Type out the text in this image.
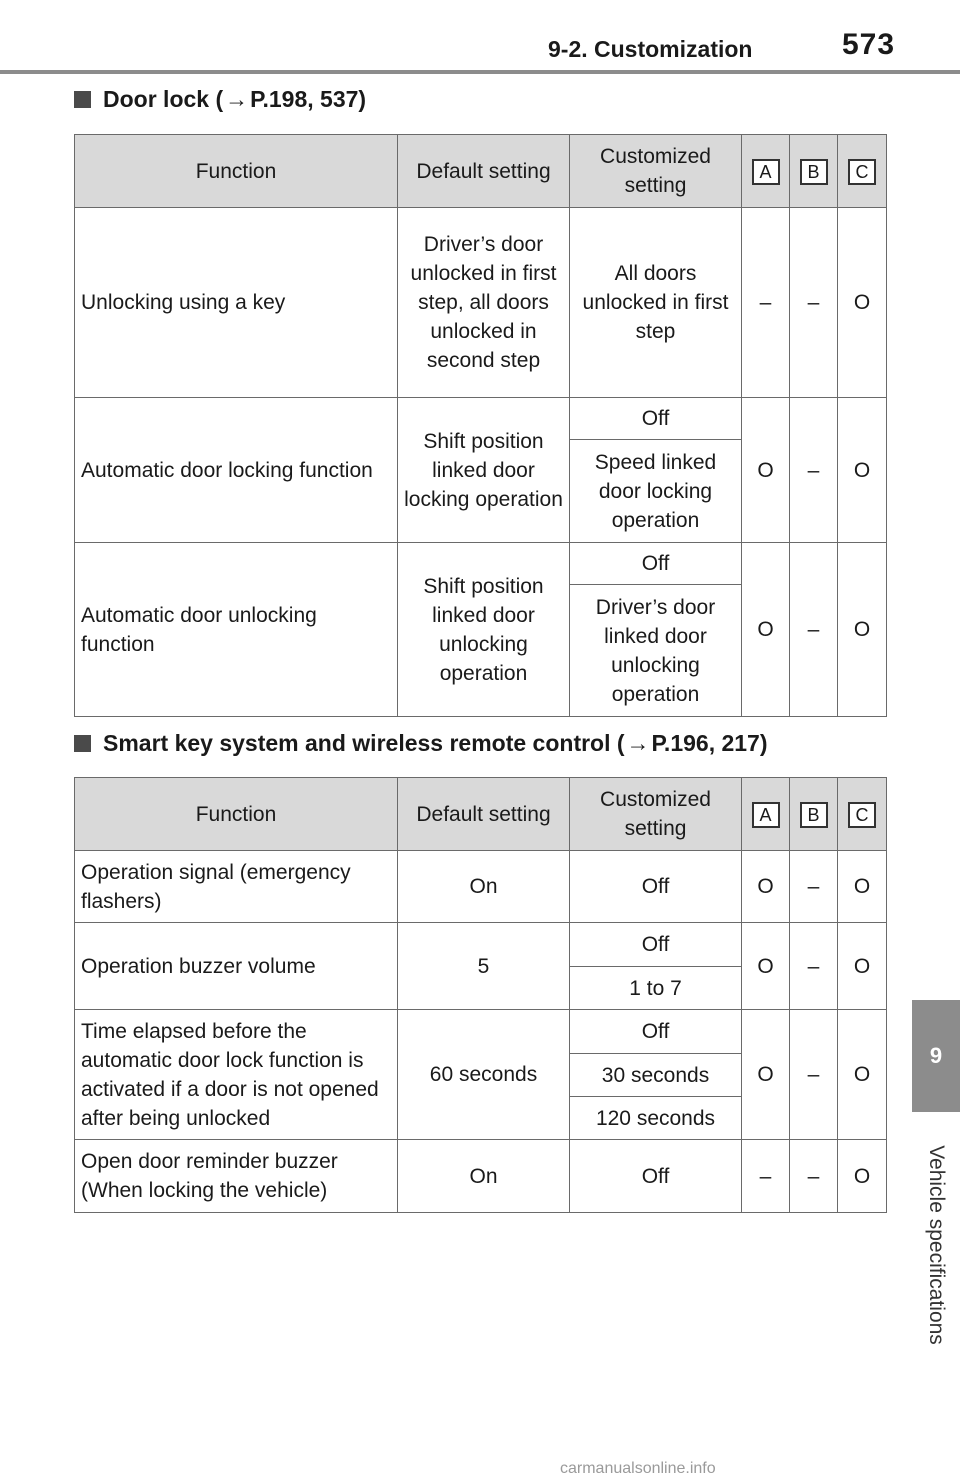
9-2. Customization	573
9
Vehicle specifications
Door lock ( → P.198, 537)
Function	Default setting	Customized setting	A	B	C
Unlocking using a key	Driver’s door unlocked in first step, all doors unlocked in second step	All doors unlocked in first step	–	–	O
Automatic door locking function	Shift position linked door locking operation	Off	O	–	O
		Speed linked door locking operation			
Automatic door unlocking function	Shift position linked door unlocking operation	Off	O	–	O
		Driver’s door linked door unlocking operation			
Smart key system and wireless remote control ( → P.196, 217)
Function	Default setting	Customized setting	A	B	C
Operation signal (emergency flashers)	On	Off	O	–	O
Operation buzzer volume	5	Off	O	–	O
		1 to 7			
Time elapsed before the automatic door lock function is activated if a door is not opened after being unlocked	60 seconds	Off	O	–	O
		30 seconds			
		120 seconds			
Open door reminder buzzer (When locking the vehicle)	On	Off	–	–	O
carmanualsonline.info
